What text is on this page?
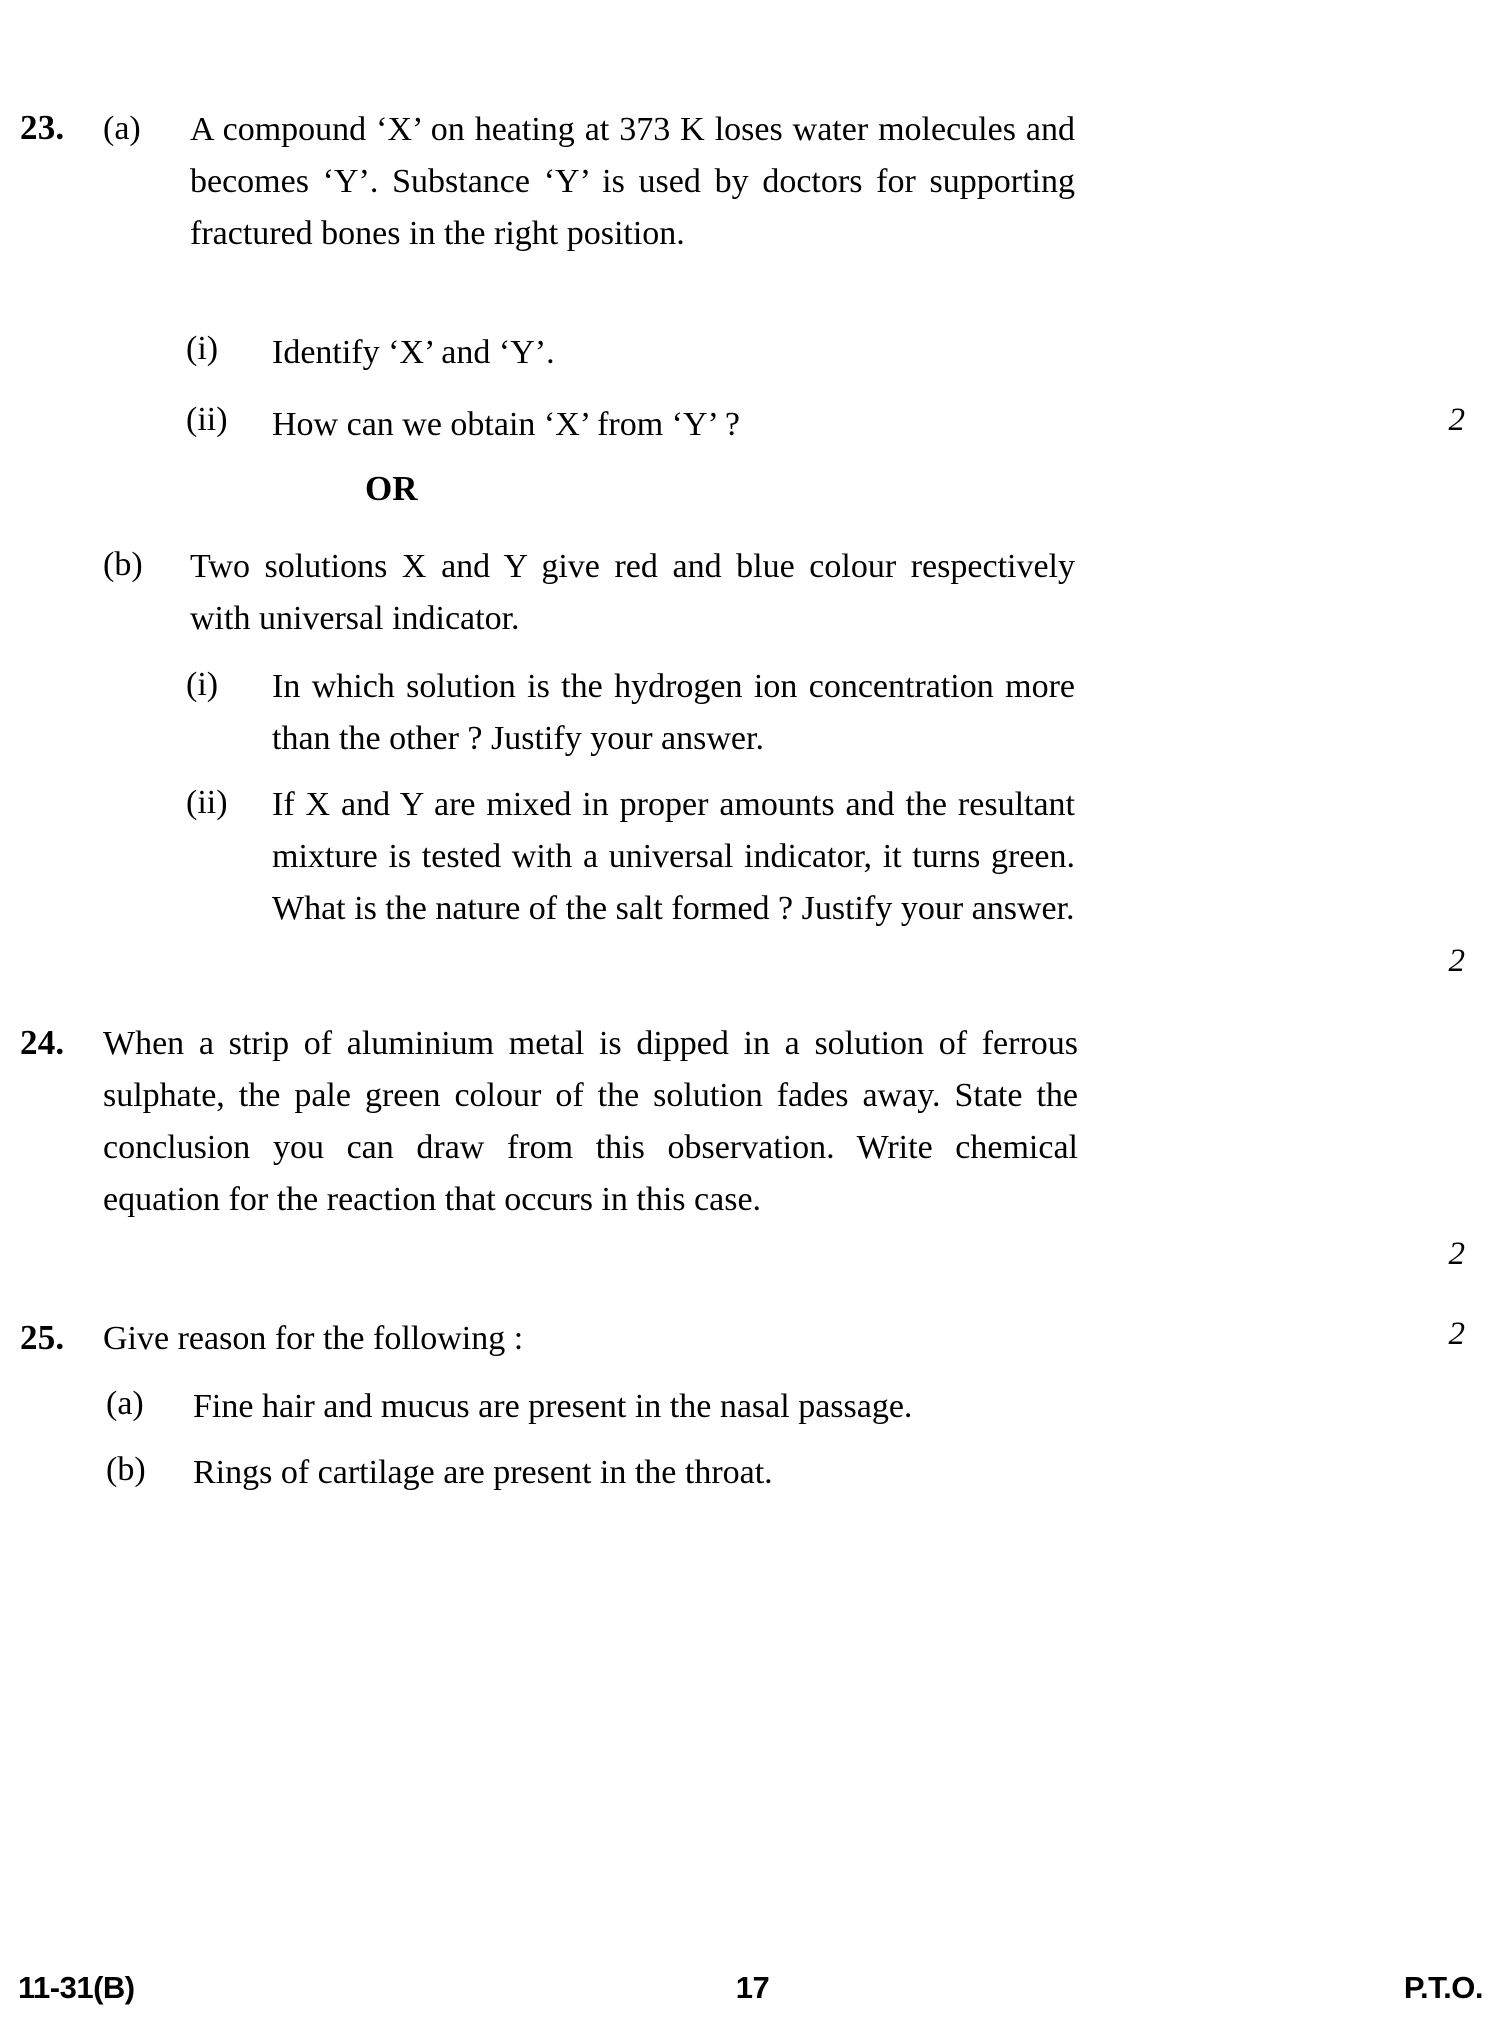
23. (a) A compound ‘X’ on heating at 373 K loses water molecules and becomes ‘Y’. Substance ‘Y’ is used by doctors for supporting fractured bones in the right position.
(i) Identify ‘X’ and ‘Y’.
(ii) How can we obtain ‘X’ from ‘Y’ ?	2
OR
(b) Two solutions X and Y give red and blue colour respectively with universal indicator.
(i) In which solution is the hydrogen ion concentration more than the other ? Justify your answer.
(ii) If X and Y are mixed in proper amounts and the resultant mixture is tested with a universal indicator, it turns green. What is the nature of the salt formed ? Justify your answer.
2
24. When a strip of aluminium metal is dipped in a solution of ferrous sulphate, the pale green colour of the solution fades away. State the conclusion you can draw from this observation. Write chemical equation for the reaction that occurs in this case.
2
25. Give reason for the following :	2
(a) Fine hair and mucus are present in the nasal passage.
(b) Rings of cartilage are present in the throat.
11-31(B)	17	P.T.O.
